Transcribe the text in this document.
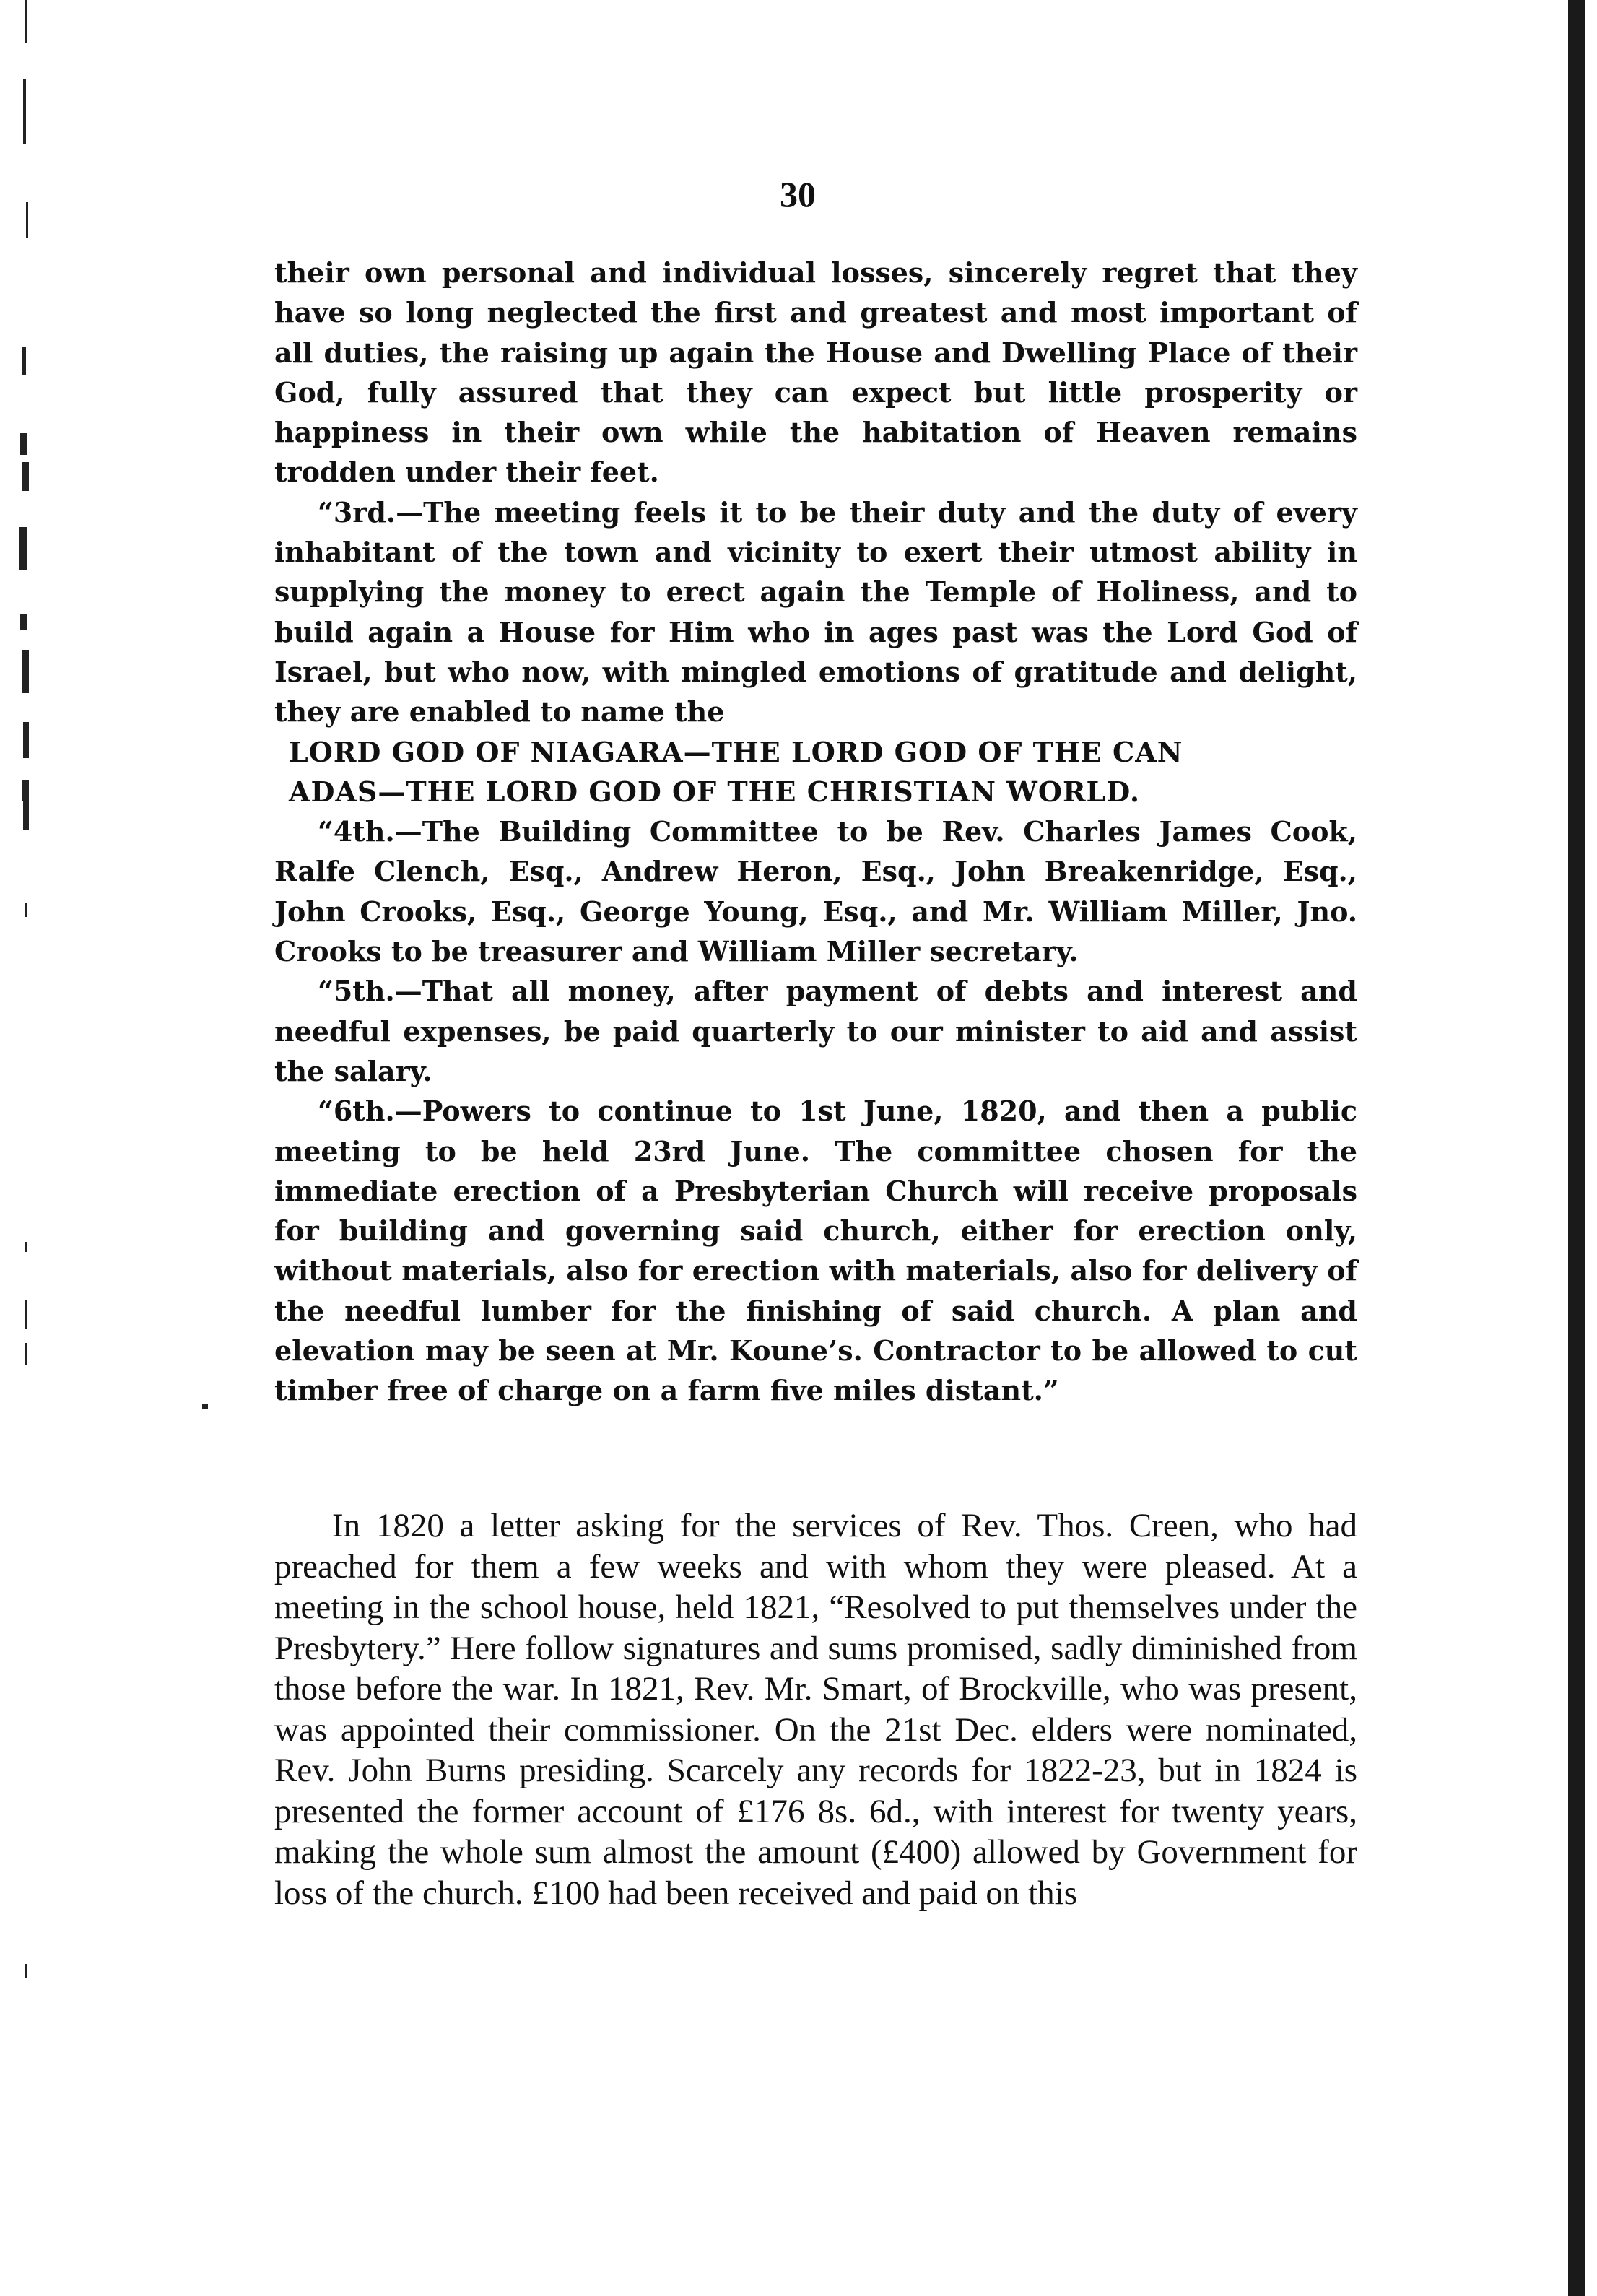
30

their own personal and individual losses, sincerely regret that they have so long neglected the first and greatest and most important of all duties, the raising up again the House and Dwelling Place of their God, fully assured that they can expect but little prosperity or happiness in their own while the habitation of Heaven remains trodden under their feet.

“3rd.—The meeting feels it to be their duty and the duty of every inhabitant of the town and vicinity to exert their utmost ability in supplying the money to erect again the Temple of Holiness, and to build again a House for Him who in ages past was the Lord God of Israel, but who now, with mingled emotions of gratitude and delight, they are enabled to name the

LORD GOD OF NIAGARA—THE LORD GOD OF THE CAN

ADAS—THE LORD GOD OF THE CHRISTIAN WORLD.

“4th.—The Building Committee to be Rev. Charles James Cook, Ralfe Clench, Esq., Andrew Heron, Esq., John Breakenridge, Esq., John Crooks, Esq., George Young, Esq., and Mr. William Miller, Jno. Crooks to be treasurer and William Miller secretary.

“5th.—That all money, after payment of debts and interest and needful expenses, be paid quarterly to our minister to aid and assist the salary.

“6th.—Powers to continue to 1st June, 1820, and then a public meeting to be held 23rd June. The committee chosen for the immediate erection of a Presbyterian Church will receive proposals for building and governing said church, either for erection only, without materials, also for erection with materials, also for delivery of the needful lumber for the finishing of said church. A plan and elevation may be seen at Mr. Koune’s. Contractor to be allowed to cut timber free of charge on a farm five miles distant.”

In 1820 a letter asking for the services of Rev. Thos. Creen, who had preached for them a few weeks and with whom they were pleased. At a meeting in the school house, held 1821, “Resolved to put themselves under the Presbytery.” Here follow signatures and sums promised, sadly diminished from those before the war. In 1821, Rev. Mr. Smart, of Brockville, who was present, was appointed their commissioner. On the 21st Dec. elders were nominated, Rev. John Burns presiding. Scarcely any records for 1822-23, but in 1824 is presented the former account of £176 8s. 6d., with interest for twenty years, making the whole sum almost the amount (£400) allowed by Government for loss of the church. £100 had been received and paid on this
